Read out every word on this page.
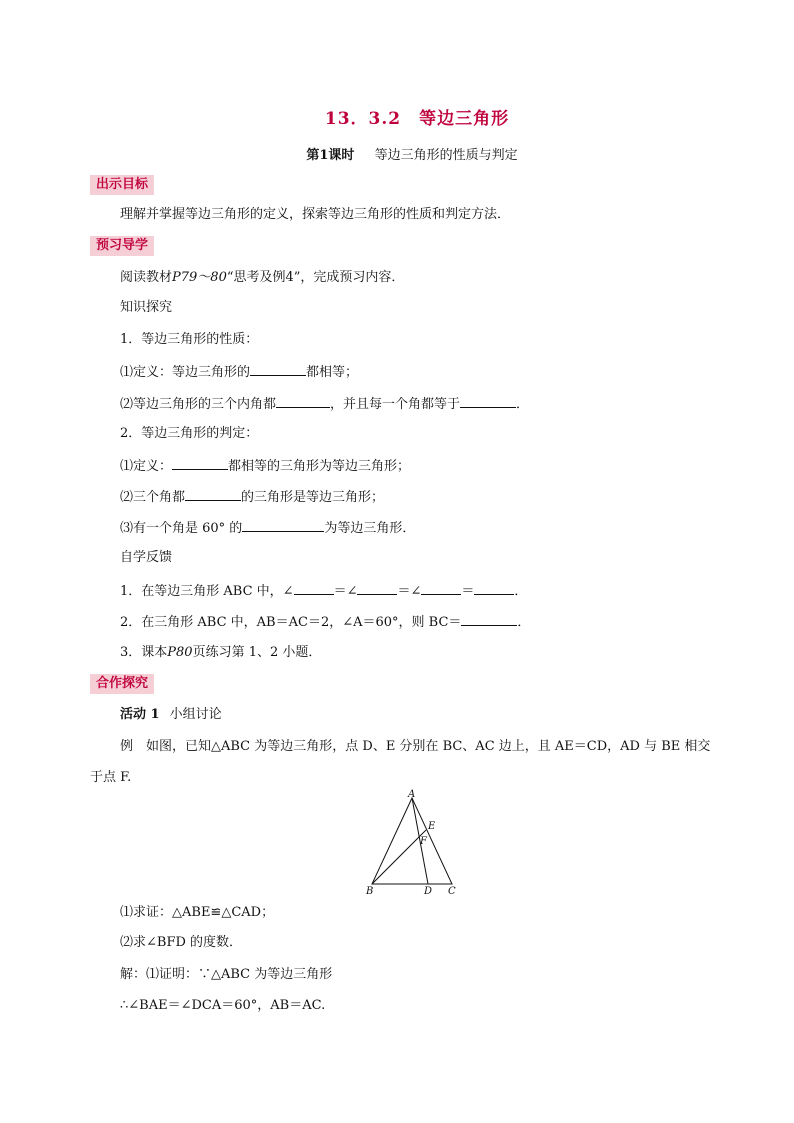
13．3.2　等边三角形
第1课时 等边三角形的性质与判定
出示目标
理解并掌握等边三角形的定义，探索等边三角形的性质和判定方法．
预习导学
阅读教材P79～80“思考及例4”，完成预习内容．
知识探究
1．等边三角形的性质：
⑴定义：等边三角形的	都相等；
⑵等边三角形的三个内角都	，并且每一个角都等于	．
2．等边三角形的判定：
⑴定义：	都相等的三角形为等边三角形；
⑵三个角都	的三角形是等边三角形；
⑶有一个角是 60° 的	为等边三角形．
自学反馈
1．在等边三角形 ABC 中，∠	＝∠	＝∠	＝	．
2．在三角形 ABC 中，AB＝AC＝2，∠A＝60°，则 BC＝	．
3．课本P80页练习第 1、2 小题．
合作探究
活动 1 小组讨论
例　如图，已知△ABC 为等边三角形，点 D、E 分别在 BC、AC 边上，且 AE＝CD，AD 与 BE 相交
于点 F.
A
B	C
D
E
F
⑴求证：△ABE≌△CAD；
⑵求∠BFD 的度数．
解：⑴证明：∵△ABC 为等边三角形
∴∠BAE＝∠DCA＝60°，AB＝AC.
